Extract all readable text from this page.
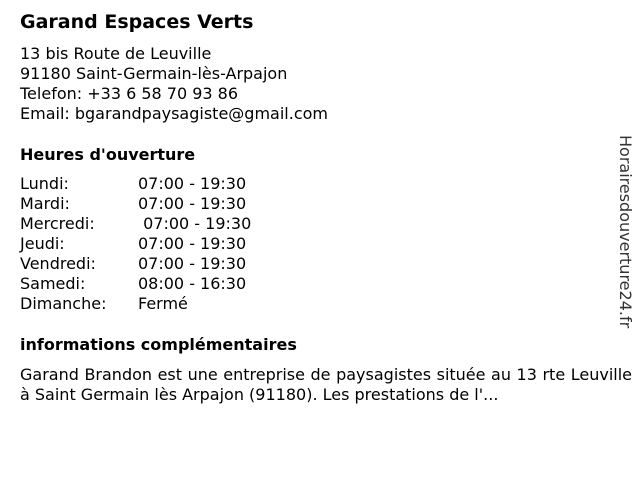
Garand Espaces Verts
13 bis Route de Leuville
91180 Saint-Germain-lès-Arpajon
Telefon: +33 6 58 70 93 86
Email: bgarandpaysagiste@gmail.com
Heures d'ouverture
Lundi:	07:00 - 19:30
Mardi:	07:00 - 19:30
Mercredi:	07:00 - 19:30
Jeudi:	07:00 - 19:30
Vendredi:	07:00 - 19:30
Samedi:	08:00 - 16:30
Dimanche: Fermé
informations complémentaires
Garand Brandon est une entreprise de paysagistes située au 13 rte Leuville à Saint Germain lès Arpajon (91180). Les prestations de l'...
Horairesdouverture24.fr
